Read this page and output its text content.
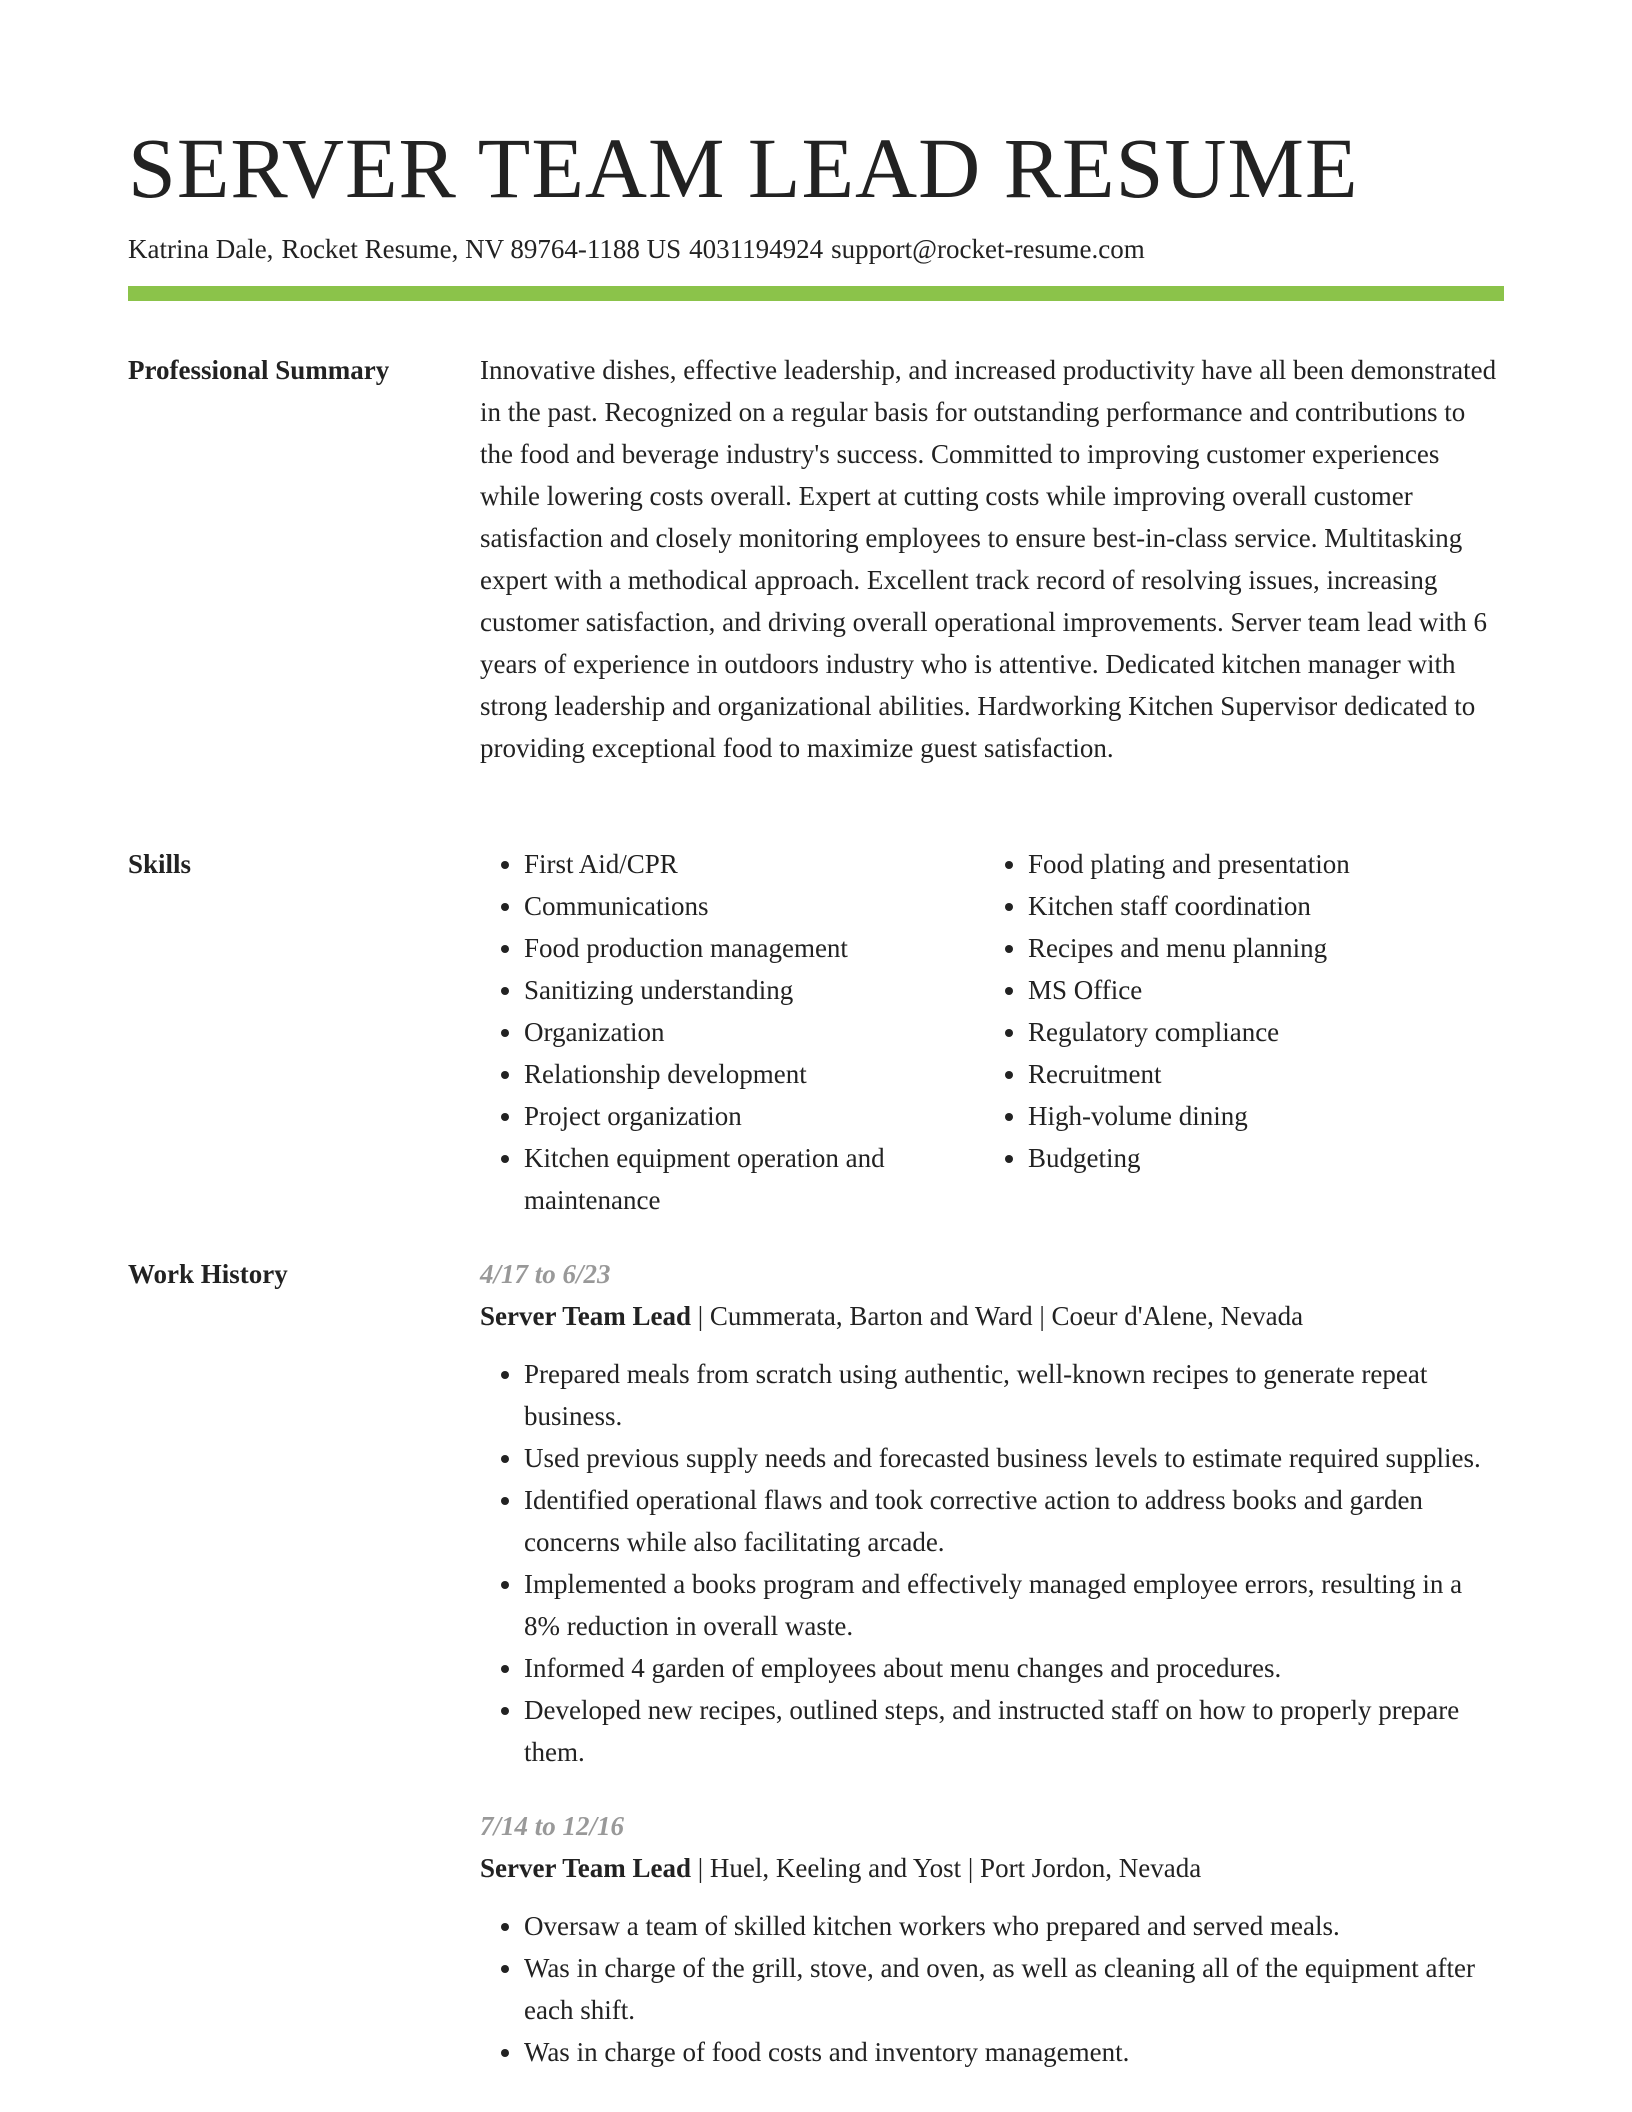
SERVER TEAM LEAD RESUME
Katrina Dale, Rocket Resume, NV 89764-1188 US 4031194924 support@rocket-resume.com
Professional Summary	Innovative dishes, effective leadership, and increased productivity have all been demonstrated in the past. Recognized on a regular basis for outstanding performance and contributions to the food and beverage industry's success. Committed to improving customer experiences while lowering costs overall. Expert at cutting costs while improving overall customer satisfaction and closely monitoring employees to ensure best-in-class service. Multitasking expert with a methodical approach. Excellent track record of resolving issues, increasing customer satisfaction, and driving overall operational improvements. Server team lead with 6 years of experience in outdoors industry who is attentive. Dedicated kitchen manager with strong leadership and organizational abilities. Hardworking Kitchen Supervisor dedicated to providing exceptional food to maximize guest satisfaction.

Skills
•	First Aid/CPR
• Communications
• Food production management
• Sanitizing understanding
• Organization
• Relationship development
• Project organization
• Kitchen equipment operation and maintenance
• Food plating and presentation
• Kitchen staff coordination
• Recipes and menu planning
• MS Office
• Regulatory compliance
• Recruitment
• High-volume dining
• Budgeting
Work History	4/17 to 6/23
Server Team Lead | Cummerata, Barton and Ward | Coeur d'Alene, Nevada
• Prepared meals from scratch using authentic, well-known recipes to generate repeat business.
• Used previous supply needs and forecasted business levels to estimate required supplies.
• Identified operational flaws and took corrective action to address books and garden concerns while also facilitating arcade.
• Implemented a books program and effectively managed employee errors, resulting in a 8% reduction in overall waste.
• Informed 4 garden of employees about menu changes and procedures.
• Developed new recipes, outlined steps, and instructed staff on how to properly prepare them.
7/14 to 12/16
Server Team Lead | Huel, Keeling and Yost | Port Jordon, Nevada
• Oversaw a team of skilled kitchen workers who prepared and served meals.
• Was in charge of the grill, stove, and oven, as well as cleaning all of the equipment after each shift.
• Was in charge of food costs and inventory management.
